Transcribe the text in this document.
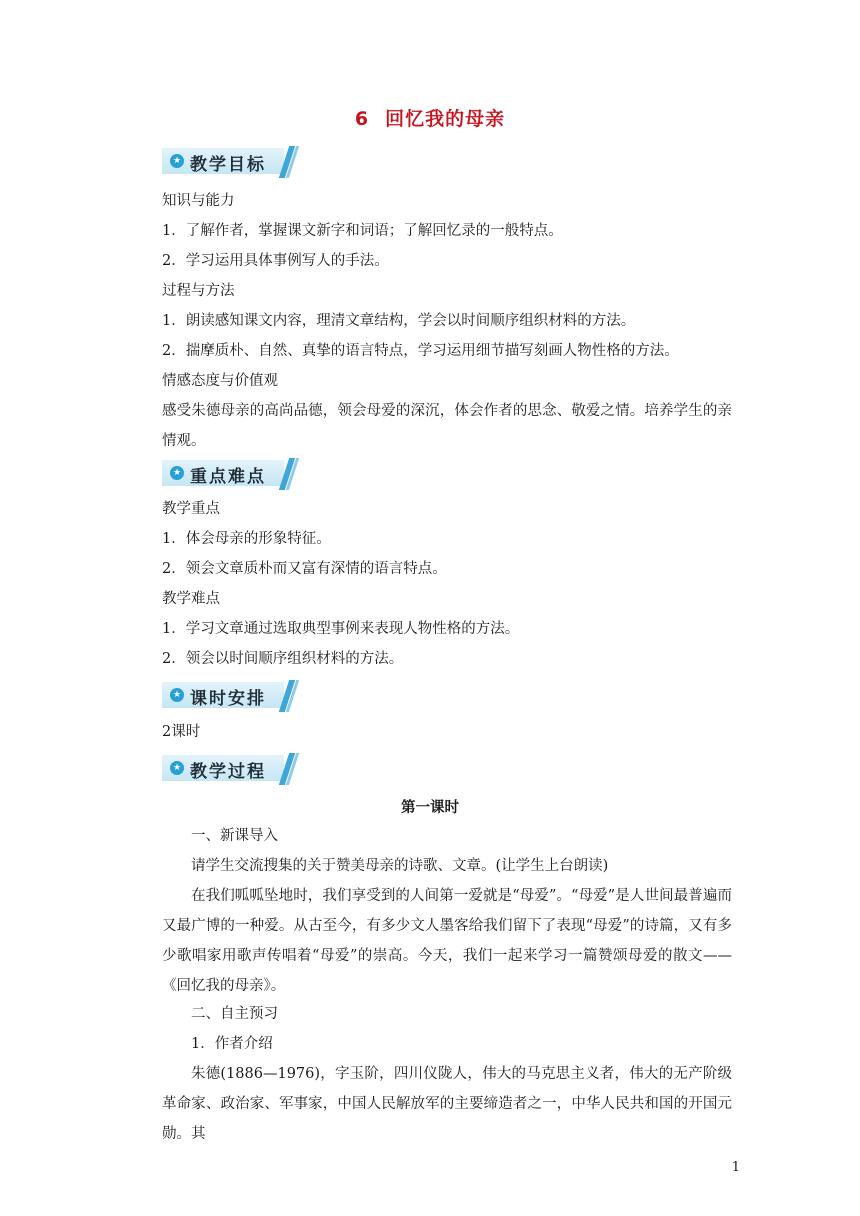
6 回忆我的母亲
★ 教学目标
知识与能力
1．了解作者，掌握课文新字和词语；了解回忆录的一般特点。
2．学习运用具体事例写人的手法。
过程与方法
1．朗读感知课文内容，理清文章结构，学会以时间顺序组织材料的方法。
2．揣摩质朴、自然、真挚的语言特点，学习运用细节描写刻画人物性格的方法。
情感态度与价值观
感受朱德母亲的高尚品德，领会母爱的深沉，体会作者的思念、敬爱之情。培养学生的亲情观。
★ 重点难点
教学重点
1．体会母亲的形象特征。
2．领会文章质朴而又富有深情的语言特点。
教学难点
1．学习文章通过选取典型事例来表现人物性格的方法。
2．领会以时间顺序组织材料的方法。
★ 课时安排
2课时
★ 教学过程
第一课时
一、新课导入
请学生交流搜集的关于赞美母亲的诗歌、文章。(让学生上台朗读)
在我们呱呱坠地时，我们享受到的人间第一爱就是“母爱”。“母爱”是人世间最普遍而又最广博的一种爱。从古至今，有多少文人墨客给我们留下了表现“母爱”的诗篇，又有多少歌唱家用歌声传唱着“母爱”的崇高。今天，我们一起来学习一篇赞颂母爱的散文——《回忆我的母亲》。
二、自主预习
1．作者介绍
朱德(1886—1976)，字玉阶，四川仪陇人，伟大的马克思主义者，伟大的无产阶级革命家、政治家、军事家，中国人民解放军的主要缔造者之一，中华人民共和国的开国元勋。其
1
